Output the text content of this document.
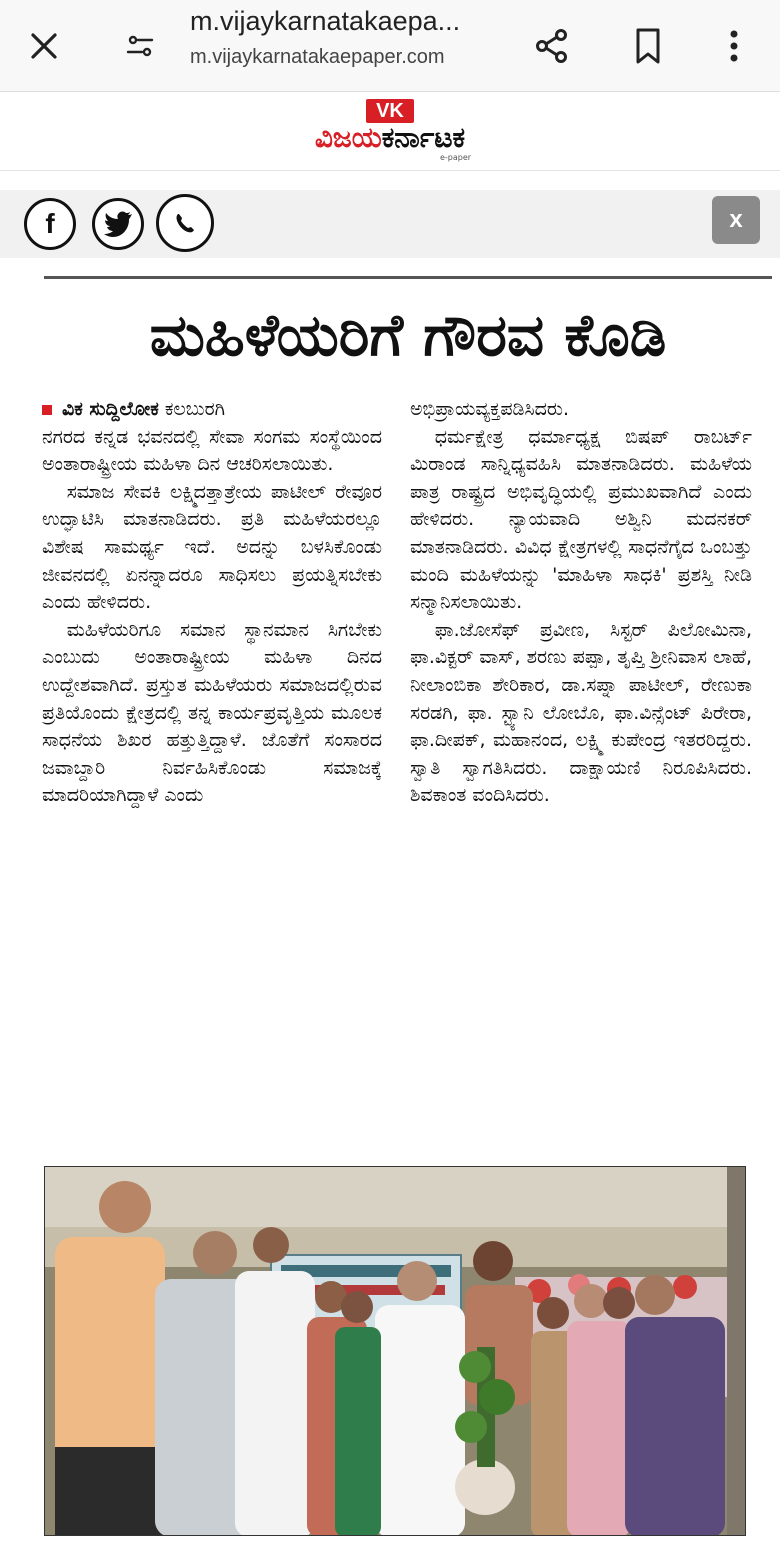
m.vijaykarnatakaepa...
m.vijaykarnatakaepaper.com
VK
ವಿಜಯಕರ್ನಾಟಕ
e-paper
f	x
ಮಹಿಳೆಯರಿಗೆ ಗೌರವ ಕೊಡಿ
ವಿಕ ಸುದ್ದಿಲೋಕ ಕಲಬುರಗಿ
ನಗರದ ಕನ್ನಡ ಭವನದಲ್ಲಿ ಸೇವಾ ಸಂಗಮ ಸಂಸ್ಥೆಯಿಂದ ಅಂತಾರಾಷ್ಟ್ರೀಯ ಮಹಿಳಾ ದಿನ ಆಚರಿಸಲಾಯಿತು.
ಸಮಾಜ ಸೇವಕಿ ಲಕ್ಷ್ಮಿದತ್ತಾತ್ರೇಯ ಪಾಟೀಲ್ ರೇವೂರ ಉದ್ಘಾಟಿಸಿ ಮಾತನಾಡಿದರು. ಪ್ರತಿ ಮಹಿಳೆಯರಲ್ಲೂ ವಿಶೇಷ ಸಾಮರ್ಥ್ಯ ಇದೆ. ಅದನ್ನು ಬಳಸಿಕೊಂಡು ಜೀವನದಲ್ಲಿ ಏನನ್ನಾದರೂ ಸಾಧಿಸಲು ಪ್ರಯತ್ನಿಸಬೇಕು ಎಂದು ಹೇಳಿದರು.
ಮಹಿಳೆಯರಿಗೂ ಸಮಾನ ಸ್ಥಾನಮಾನ ಸಿಗಬೇಕು ಎಂಬುದು ಅಂತಾರಾಷ್ಟ್ರೀಯ ಮಹಿಳಾ ದಿನದ ಉದ್ದೇಶವಾಗಿದೆ. ಪ್ರಸ್ತುತ ಮಹಿಳೆಯರು ಸಮಾಜದಲ್ಲಿರುವ ಪ್ರತಿಯೊಂದು ಕ್ಷೇತ್ರದಲ್ಲಿ ತನ್ನ ಕಾರ್ಯಪ್ರವೃತ್ತಿಯ ಮೂಲಕ ಸಾಧನೆಯ ಶಿಖರ ಹತ್ತುತ್ತಿದ್ದಾಳೆ. ಜೊತೆಗೆ ಸಂಸಾರದ ಜವಾಬ್ದಾರಿ ನಿರ್ವಹಿಸಿಕೊಂಡು ಸಮಾಜಕ್ಕೆ ಮಾದರಿಯಾಗಿದ್ದಾಳೆ ಎಂದು
ಅಭಿಪ್ರಾಯವ್ಯಕ್ತಪಡಿಸಿದರು.
ಧರ್ಮಕ್ಷೇತ್ರ ಧರ್ಮಾಧ್ಯಕ್ಷ ಬಿಷಪ್ ರಾಬರ್ಟ್ ಮಿರಾಂಡ ಸಾನ್ನಿಧ್ಯವಹಿಸಿ ಮಾತನಾಡಿದರು. ಮಹಿಳೆಯ ಪಾತ್ರ ರಾಷ್ಟ್ರದ ಅಭಿವೃದ್ಧಿಯಲ್ಲಿ ಪ್ರಮುಖವಾಗಿದೆ ಎಂದು ಹೇಳಿದರು. ನ್ಯಾಯವಾದಿ ಅಶ್ವಿನಿ ಮದನಕರ್ ಮಾತನಾಡಿದರು. ವಿವಿಧ ಕ್ಷೇತ್ರಗಳಲ್ಲಿ ಸಾಧನೆಗೈದ ಒಂಬತ್ತು ಮಂದಿ ಮಹಿಳೆಯನ್ನು 'ಮಾಹಿಳಾ ಸಾಧಕಿ' ಪ್ರಶಸ್ತಿ ನೀಡಿ ಸನ್ಮಾನಿಸಲಾಯಿತು.
ಫಾ.ಜೋಸೆಫ್ ಪ್ರವೀಣ, ಸಿಸ್ಟರ್ ಪಿಲೋಮಿನಾ, ಫಾ.ವಿಕ್ಟರ್ ವಾಸ್, ಶರಣು ಪಪ್ಪಾ, ತೃಪ್ತಿ ಶ್ರೀನಿವಾಸ ಲಾಹೆ, ನೀಲಾಂಬಿಕಾ ಶೇರಿಕಾರ, ಡಾ.ಸಪ್ನಾ ಪಾಟೀಲ್, ರೇಣುಕಾ ಸರಡಗಿ, ಫಾ. ಸ್ಟ್ಯಾನಿ ಲೋಬೊ, ಫಾ.ವಿನ್ಸೆಂಟ್ ಪಿರೇರಾ, ಫಾ.ದೀಪಕ್, ಮಹಾನಂದ, ಲಕ್ಷ್ಮಿ ಕುಪೇಂದ್ರ ಇತರರಿದ್ದರು. ಸ್ವಾತಿ ಸ್ವಾಗತಿಸಿದರು. ದಾಕ್ಷಾಯಣಿ ನಿರೂಪಿಸಿದರು. ಶಿವಕಾಂತ ವಂದಿಸಿದರು.
